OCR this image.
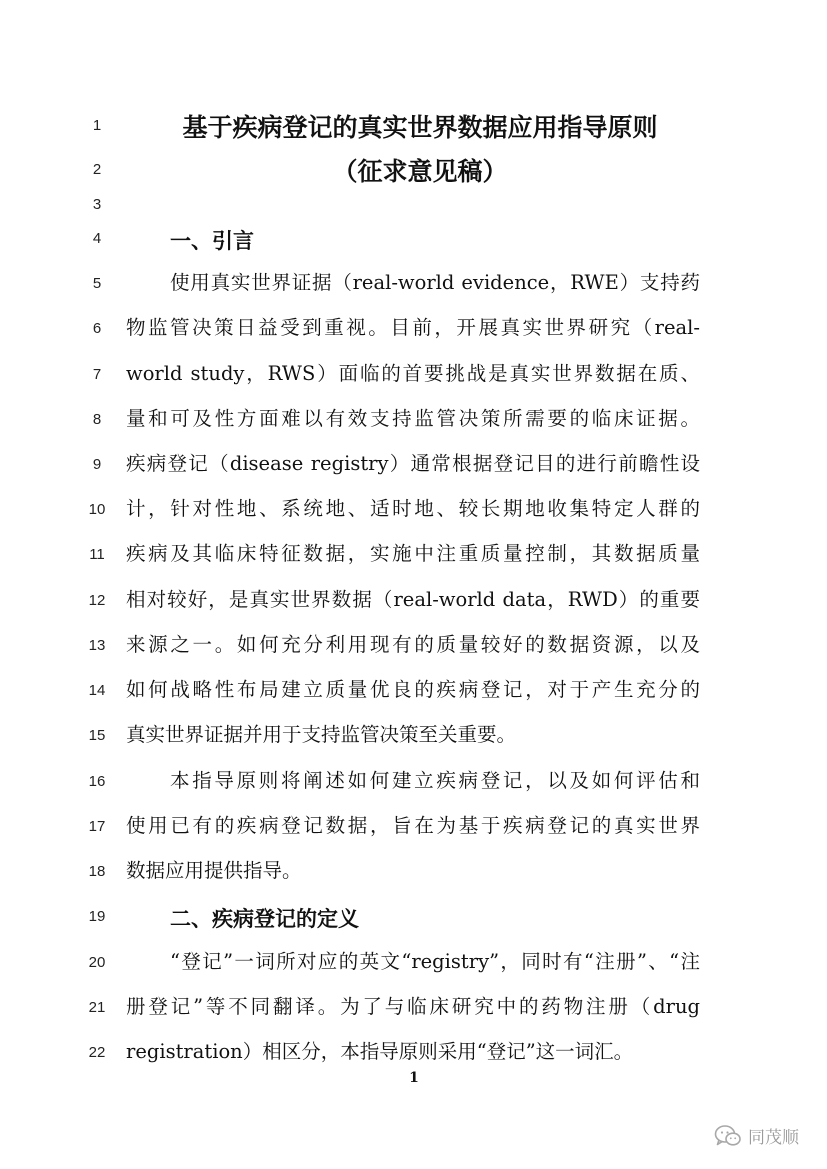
1
2
3
4
5
6
7
8
9
10
11
12
13
14
15
16
17
18
19
20
21
22
基于疾病登记的真实世界数据应用指导原则
（征求意见稿）
一、引言
使用真实世界证据（real-world evidence，RWE）支持药
物监管决策日益受到重视。目前，开展真实世界研究（real-
world study，RWS）面临的首要挑战是真实世界数据在质、
量和可及性方面难以有效支持监管决策所需要的临床证据。
疾病登记（disease registry）通常根据登记目的进行前瞻性设
计，针对性地、系统地、适时地、较长期地收集特定人群的
疾病及其临床特征数据，实施中注重质量控制，其数据质量
相对较好，是真实世界数据（real-world data，RWD）的重要
来源之一。如何充分利用现有的质量较好的数据资源，以及
如何战略性布局建立质量优良的疾病登记，对于产生充分的
真实世界证据并用于支持监管决策至关重要。
本指导原则将阐述如何建立疾病登记，以及如何评估和
使用已有的疾病登记数据，旨在为基于疾病登记的真实世界
数据应用提供指导。
二、疾病登记的定义
“登记”一词所对应的英文“registry”，同时有“注册”、“注
册登记”等不同翻译。为了与临床研究中的药物注册（drug
registration）相区分，本指导原则采用“登记”这一词汇。
1
同茂顺
